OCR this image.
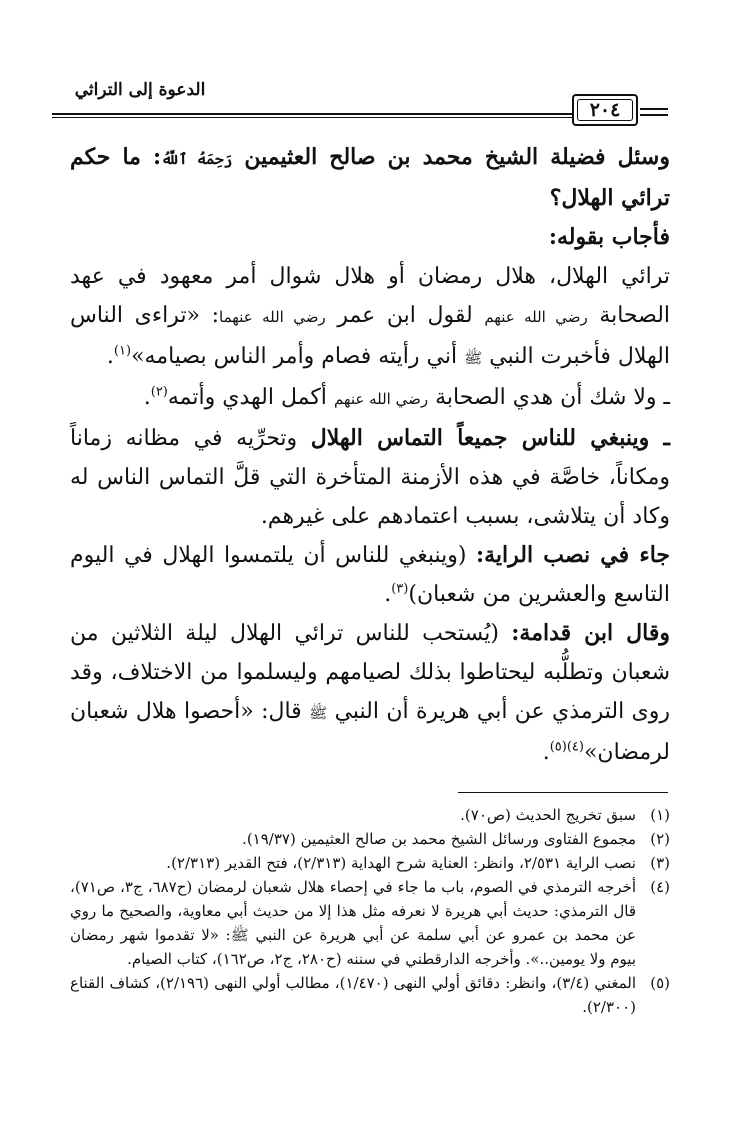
الدعوة إلى التراثي
٢٠٤

وسئل فضيلة الشيخ محمد بن صالح العثيمين رَحِمَهُ ٱللَّهُ: ما حكم ترائي الهلال؟

فأجاب بقوله:

ترائي الهلال، هلال رمضان أو هلال شوال أمر معهود في عهد الصحابة رضي الله عنهم لقول ابن عمر رضي الله عنهما: «تراءى الناس الهلال فأخبرت النبي ﷺ أني رأيته فصام وأمر الناس بصيامه»$^{(١)}$.

ـ ولا شك أن هدي الصحابة رضي الله عنهم أكمل الهدي وأتمه$^{(٢)}$.

ـ وينبغي للناس جميعاً التماس الهلال وتحرِّيه في مظانه زماناً ومكاناً، خاصَّة في هذه الأزمنة المتأخرة التي قلَّ التماس الناس له وكاد أن يتلاشى، بسبب اعتمادهم على غيرهم.

جاء في نصب الراية: (وينبغي للناس أن يلتمسوا الهلال في اليوم التاسع والعشرين من شعبان)$^{(٣)}$.

وقال ابن قدامة: (يُستحب للناس ترائي الهلال ليلة الثلاثين من شعبان وتطلُّبه ليحتاطوا بذلك لصيامهم وليسلموا من الاختلاف، وقد روى الترمذي عن أبي هريرة أن النبي ﷺ قال: «أحصوا هلال شعبان لرمضان»$^{(٤)(٥)}$.

(١)
سبق تخريج الحديث (ص٧٠).
(٢)
مجموع الفتاوى ورسائل الشيخ محمد بن صالح العثيمين (١٩/٣٧).
(٣)
نصب الراية ٢/٥٣١، وانظر: العناية شرح الهداية (٢/٣١٣)، فتح القدير (٢/٣١٣).
(٤)
أخرجه الترمذي في الصوم، باب ما جاء في إحصاء هلال شعبان لرمضان (ح٦٨٧، ج٣، ص٧١)، قال الترمذي: حديث أبي هريرة لا نعرفه مثل هذا إلا من حديث أبي معاوية، والصحيح ما روي عن محمد بن عمرو عن أبي سلمة عن أبي هريرة عن النبي ﷺ: «لا تقدموا شهر رمضان بيوم ولا يومين..». وأخرجه الدارقطني في سننه (ح٢٨٠، ج٢، ص١٦٢)، كتاب الصيام.
(٥)
المغني (٣/٤)، وانظر: دقائق أولي النهى (١/٤٧٠)، مطالب أولي النهى (٢/١٩٦)، كشاف القناع (٢/٣٠٠).
